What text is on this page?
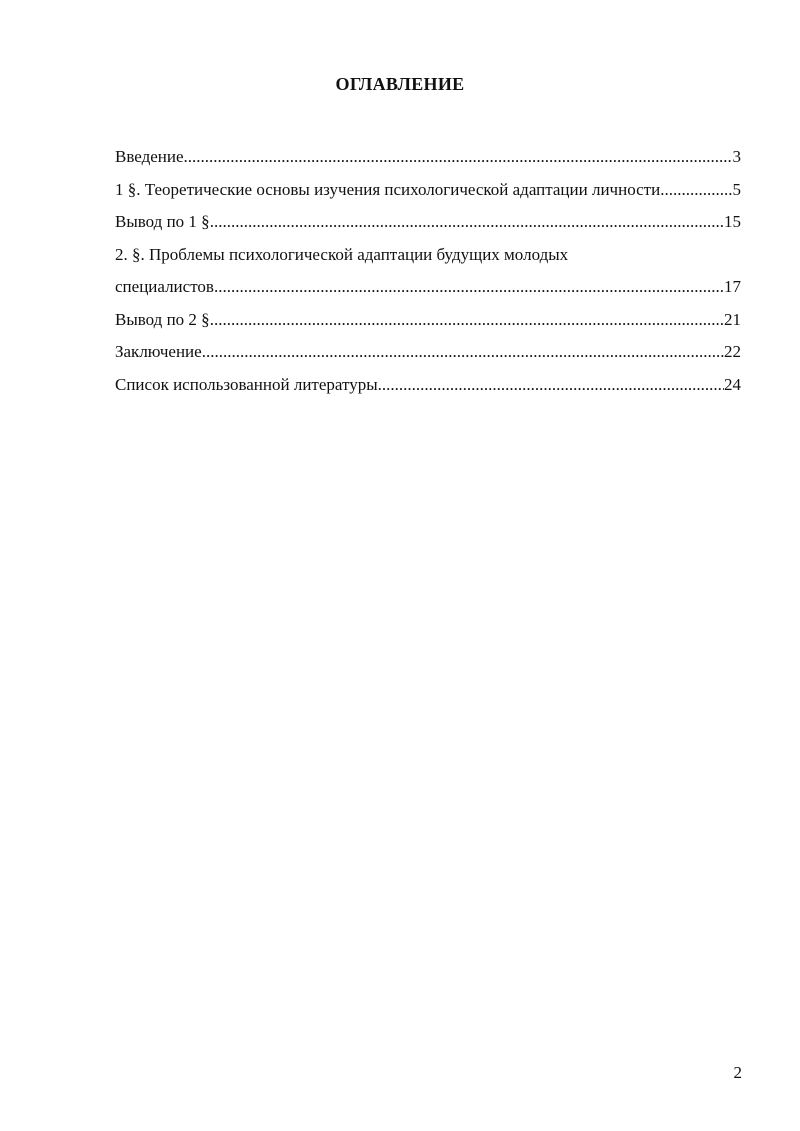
ОГЛАВЛЕНИЕ
Введение .....	3
1 §. Теоретические основы изучения психологической адаптации личности .....	5
Вывод по 1 § .....	15
2. §. Проблемы психологической адаптации будущих молодых
специалистов .....	17
Вывод по 2 § .....	21
Заключение .....	22
Список использованной литературы .....	24
2
